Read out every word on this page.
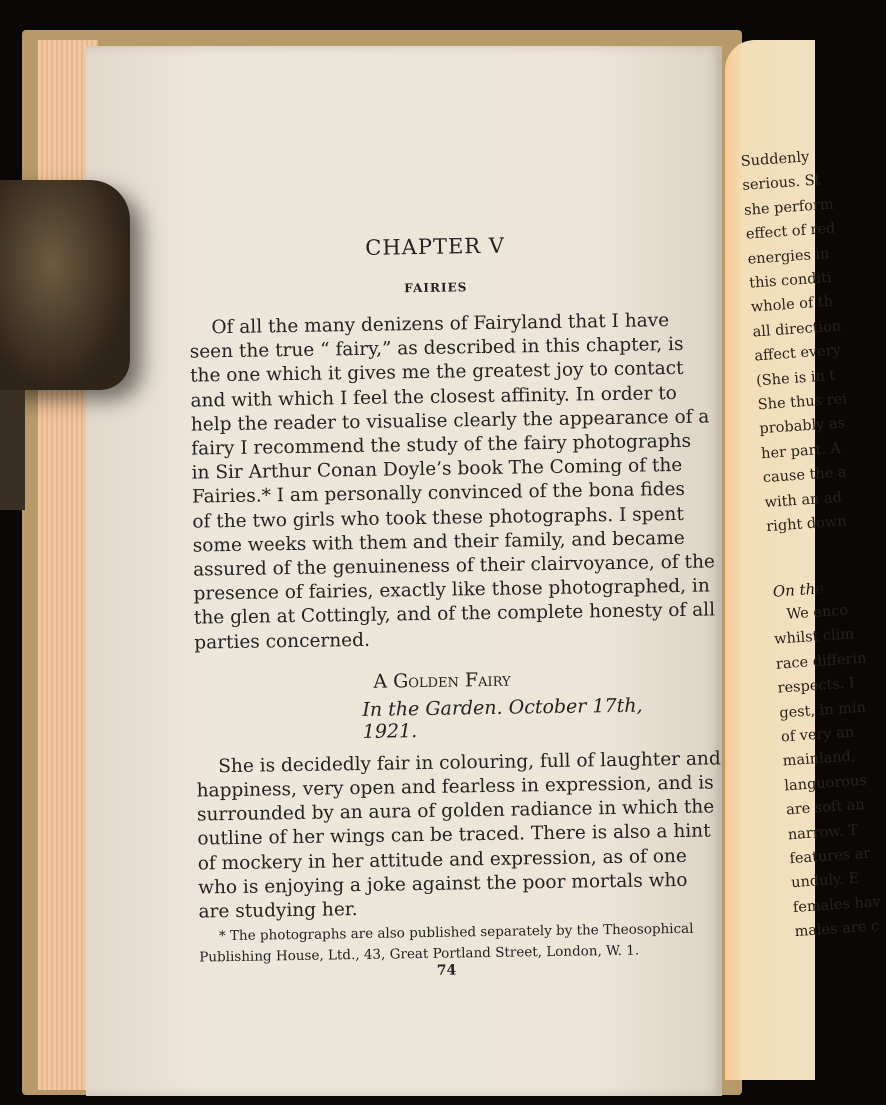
CHAPTER V
FAIRIES
Of all the many denizens of Fairyland that I have
seen the true “ fairy,” as described in this chapter, is
the one which it gives me the greatest joy to contact
and with which I feel the closest affinity. In order to
help the reader to visualise clearly the appearance of a
fairy I recommend the study of the fairy photographs
in Sir Arthur Conan Doyle’s book The Coming of the
Fairies.* I am personally convinced of the bona fides
of the two girls who took these photographs. I spent
some weeks with them and their family, and became
assured of the genuineness of their clairvoyance, of the
presence of fairies, exactly like those photographed, in
the glen at Cottingly, and of the complete honesty of all
parties concerned.
A Golden Fairy
In the Garden. October 17th, 1921.
She is decidedly fair in colouring, full of laughter and
happiness, very open and fearless in expression, and is
surrounded by an aura of golden radiance in which the
outline of her wings can be traced. There is also a hint
of mockery in her attitude and expression, as of one
who is enjoying a joke against the poor mortals who
are studying her.
* The photographs are also published separately by the Theosophical
Publishing House, Ltd., 43, Great Portland Street, London, W. 1.
74
Suddenly
serious. St
she perform
effect of red
energies in
this conditi
whole of th
all direction
affect every
(She is in t
She thus rei
probably as
her part. A
cause the a
with an ad
right down
On the
We enco
whilst clim
race differin
respects. I
gest, in min
of very an
mainland,
languorous
are soft an
narrow. T
features ar
unduly. E
females hav
males are c
